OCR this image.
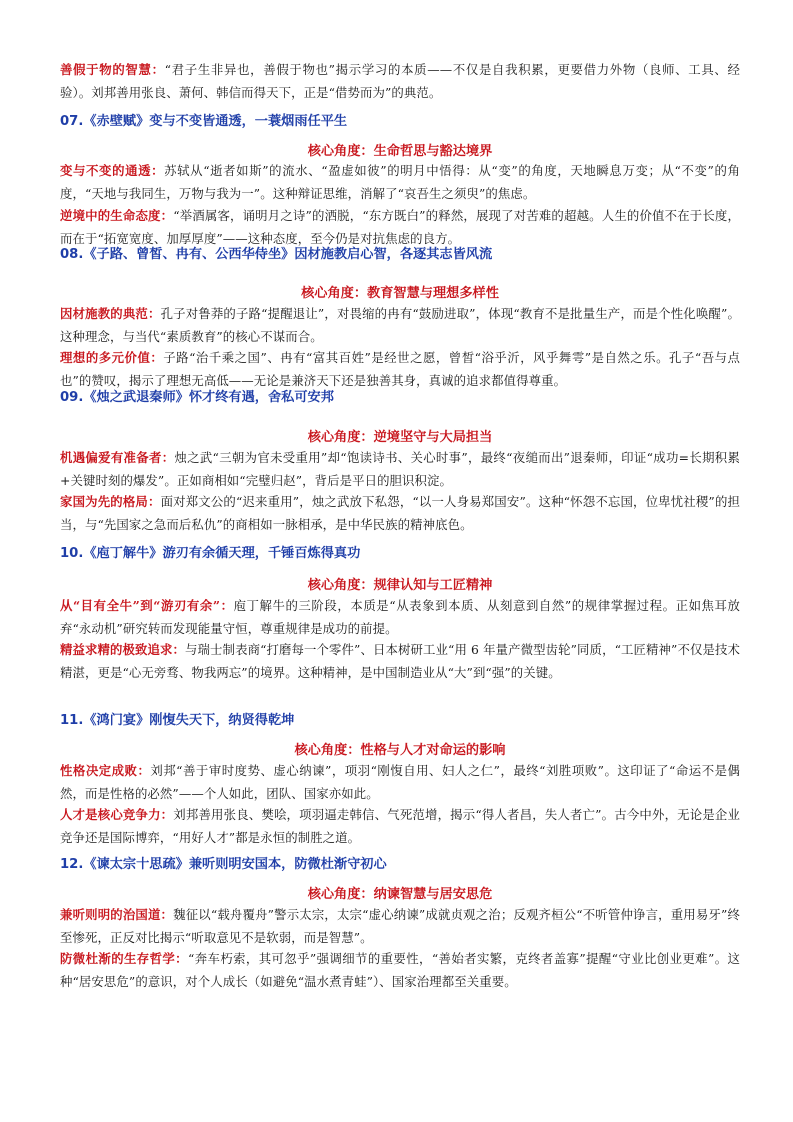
善假于物的智慧：“君子生非异也，善假于物也”揭示学习的本质——不仅是自我积累，更要借力外物（良师、工具、经验）。刘邦善用张良、萧何、韩信而得天下，正是“借势而为”的典范。
07.《赤壁赋》变与不变皆通透，一蓑烟雨任平生
核心角度：生命哲思与豁达境界
变与不变的通透：苏轼从“逝者如斯”的流水、“盈虚如彼”的明月中悟得：从“变”的角度，天地瞬息万变；从“不变”的角度，“天地与我同生，万物与我为一”。这种辩证思维，消解了“哀吾生之须臾”的焦虑。
逆境中的生命态度：“举酒属客，诵明月之诗”的洒脱，“东方既白”的释然，展现了对苦难的超越。人生的价值不在于长度，而在于“拓宽宽度、加厚厚度”——这种态度，至今仍是对抗焦虑的良方。
08.《子路、曾皙、冉有、公西华侍坐》因材施教启心智，各逐其志皆风流
核心角度：教育智慧与理想多样性
因材施教的典范：孔子对鲁莽的子路“提醒退让”，对畏缩的冉有“鼓励进取”，体现“教育不是批量生产，而是个性化唤醒”。这种理念，与当代“素质教育”的核心不谋而合。
理想的多元价值：子路“治千乘之国”、冉有“富其百姓”是经世之愿，曾皙“浴乎沂，风乎舞雩”是自然之乐。孔子“吾与点也”的赞叹，揭示了理想无高低——无论是兼济天下还是独善其身，真诚的追求都值得尊重。
09.《烛之武退秦师》怀才终有遇，舍私可安邦
核心角度：逆境坚守与大局担当
机遇偏爱有准备者：烛之武“三朝为官未受重用”却“饱读诗书、关心时事”，最终“夜缒而出”退秦师，印证“成功=长期积累+关键时刻的爆发”。正如商相如“完璧归赵”，背后是平日的胆识积淀。
家国为先的格局：面对郑文公的“迟来重用”，烛之武放下私怨，“以一人身易郑国安”。这种“怀怨不忘国，位卑忧社稷”的担当，与“先国家之急而后私仇”的商相如一脉相承，是中华民族的精神底色。
10.《庖丁解牛》游刃有余循天理，千锤百炼得真功
核心角度：规律认知与工匠精神
从“目有全牛”到“游刃有余”：庖丁解牛的三阶段，本质是“从表象到本质、从刻意到自然”的规律掌握过程。正如焦耳放弃“永动机”研究转而发现能量守恒，尊重规律是成功的前提。
精益求精的极致追求：与瑞士制表商“打磨每一个零件”、日本树研工业“用 6 年量产微型齿轮”同质，“工匠精神”不仅是技术精湛，更是“心无旁骛、物我两忘”的境界。这种精神，是中国制造业从“大”到“强”的关键。
11.《鸿门宴》刚愎失天下，纳贤得乾坤
核心角度：性格与人才对命运的影响
性格决定成败：刘邦“善于审时度势、虚心纳谏”，项羽“刚愎自用、妇人之仁”，最终“刘胜项败”。这印证了“命运不是偶然，而是性格的必然”——个人如此，团队、国家亦如此。
人才是核心竞争力：刘邦善用张良、樊哙，项羽逼走韩信、气死范增，揭示“得人者昌，失人者亡”。古今中外，无论是企业竞争还是国际博弈，“用好人才”都是永恒的制胜之道。
12.《谏太宗十思疏》兼听则明安国本，防微杜渐守初心
核心角度：纳谏智慧与居安思危
兼听则明的治国道：魏征以“载舟覆舟”警示太宗，太宗“虚心纳谏”成就贞观之治；反观齐桓公“不听管仲诤言，重用易牙”终至惨死，正反对比揭示“听取意见不是软弱，而是智慧”。
防微杜渐的生存哲学：“奔车朽索，其可忽乎”强调细节的重要性，“善始者实繁，克终者盖寡”提醒“守业比创业更难”。这种“居安思危”的意识，对个人成长（如避免“温水煮青蛙”）、国家治理都至关重要。
